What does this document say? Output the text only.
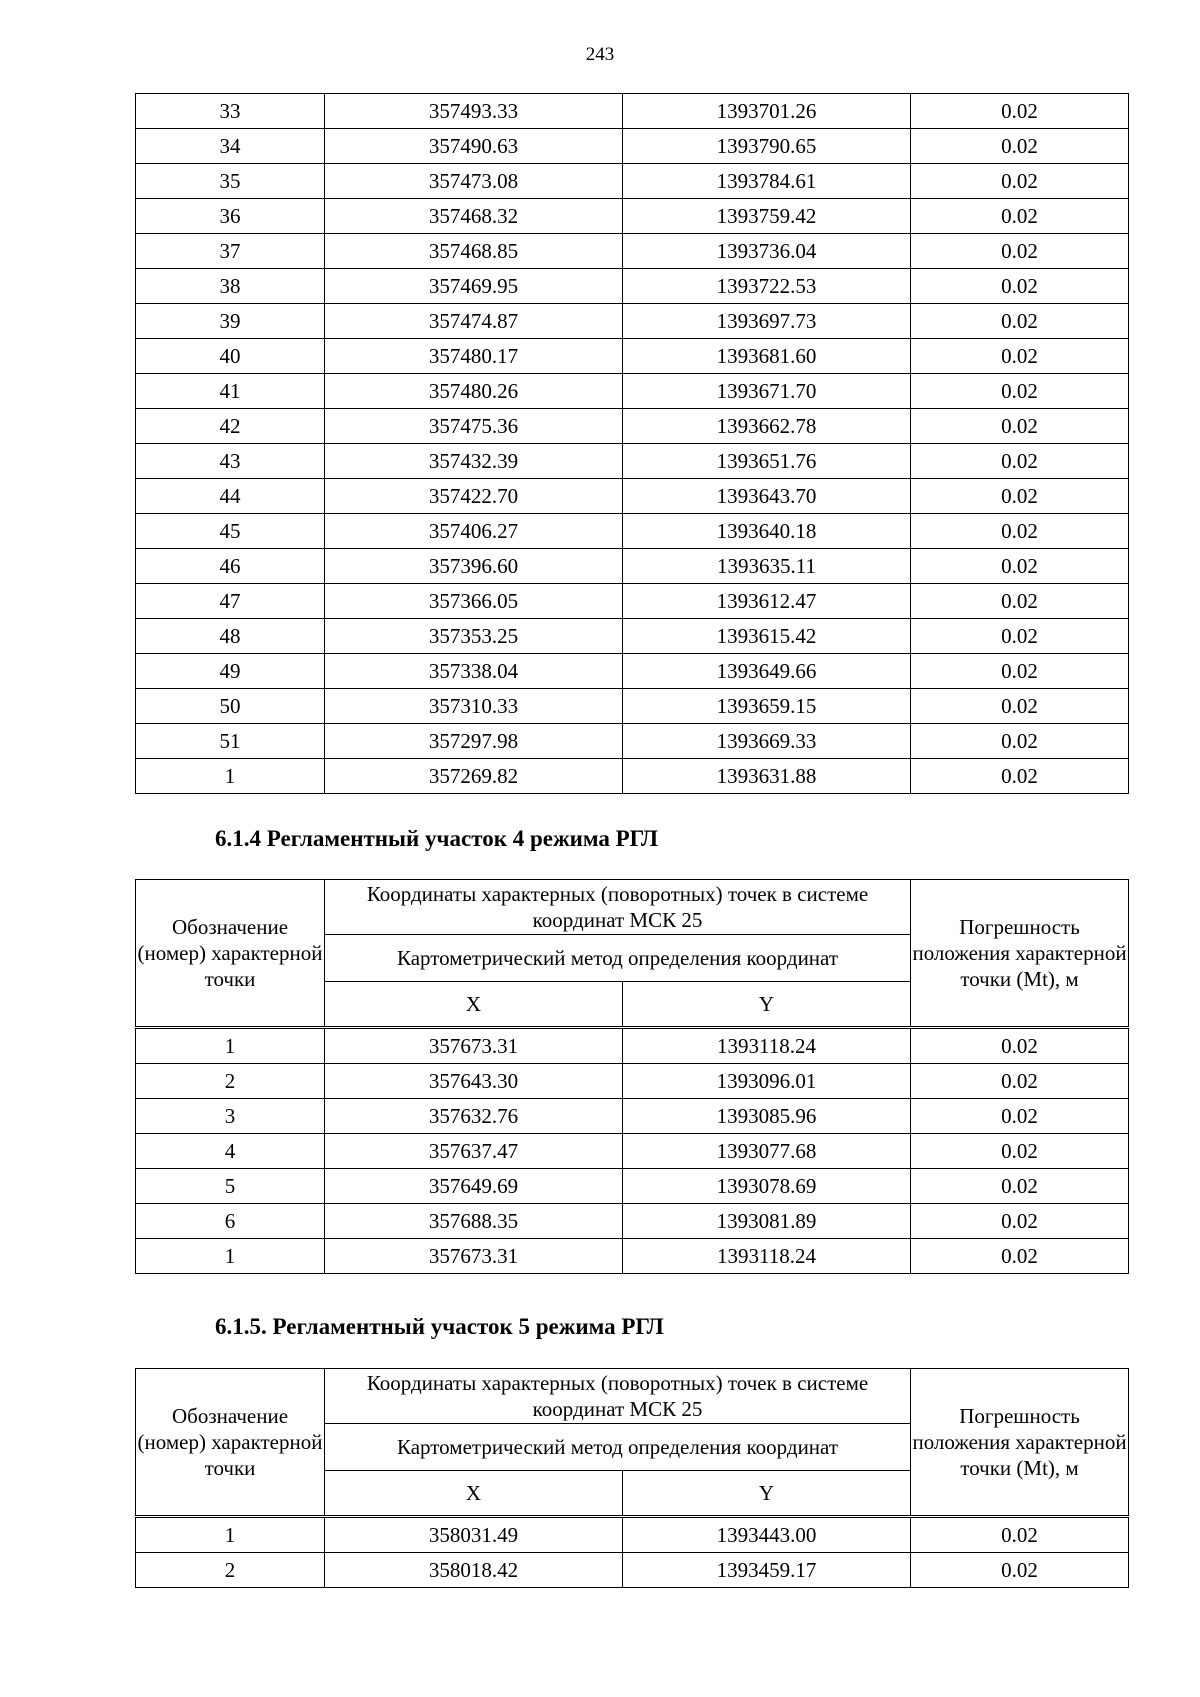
243
33	357493.33	1393701.26	0.02
34	357490.63	1393790.65	0.02
35	357473.08	1393784.61	0.02
36	357468.32	1393759.42	0.02
37	357468.85	1393736.04	0.02
38	357469.95	1393722.53	0.02
39	357474.87	1393697.73	0.02
40	357480.17	1393681.60	0.02
41	357480.26	1393671.70	0.02
42	357475.36	1393662.78	0.02
43	357432.39	1393651.76	0.02
44	357422.70	1393643.70	0.02
45	357406.27	1393640.18	0.02
46	357396.60	1393635.11	0.02
47	357366.05	1393612.47	0.02
48	357353.25	1393615.42	0.02
49	357338.04	1393649.66	0.02
50	357310.33	1393659.15	0.02
51	357297.98	1393669.33	0.02
1	357269.82	1393631.88	0.02
6.1.4 Регламентный участок 4 режима РГЛ
Обозначение (номер) характерной точки	Координаты характерных (поворотных) точек в системе координат МСК 25		Погрешность положения характерной точки (Mt), м
	Картометрический метод определения координат		
	X	Y	
1	357673.31	1393118.24	0.02
2	357643.30	1393096.01	0.02
3	357632.76	1393085.96	0.02
4	357637.47	1393077.68	0.02
5	357649.69	1393078.69	0.02
6	357688.35	1393081.89	0.02
1	357673.31	1393118.24	0.02
6.1.5. Регламентный участок 5 режима РГЛ
Обозначение (номер) характерной точки	Координаты характерных (поворотных) точек в системе координат МСК 25		Погрешность положения характерной точки (Mt), м
	Картометрический метод определения координат		
	X	Y	
1	358031.49	1393443.00	0.02
2	358018.42	1393459.17	0.02
